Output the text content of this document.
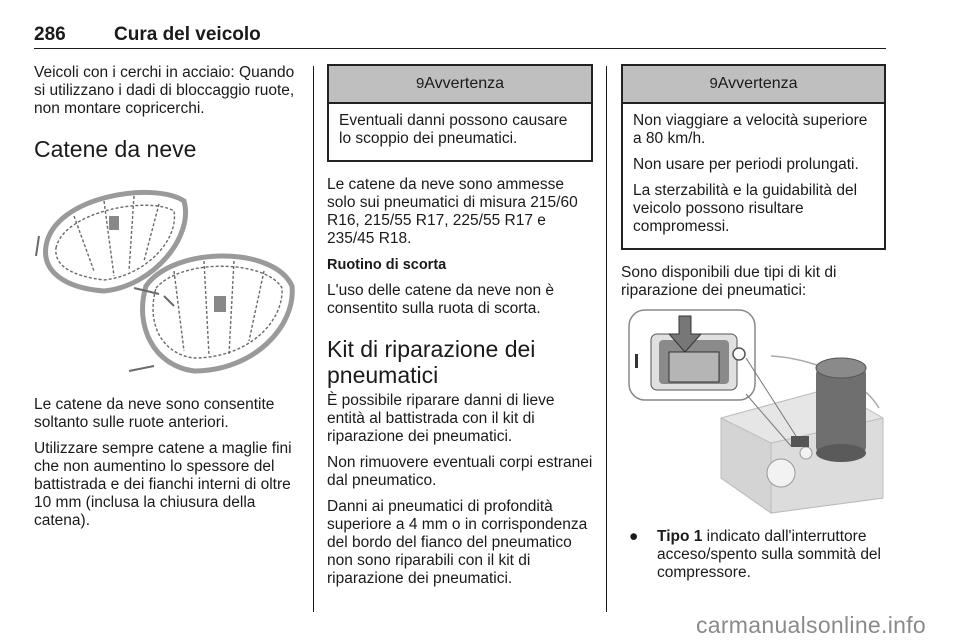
286	Cura del veicolo

Veicoli con i cerchi in acciaio: Quando si utilizzano i dadi di bloccaggio ruote, non montare copricerchi.

Catene da neve

Le catene da neve sono consentite soltanto sulle ruote anteriori.

Utilizzare sempre catene a maglie fini che non aumentino lo spessore del battistrada e dei fianchi interni di oltre 10 mm (inclusa la chiusura della catena).

9 Avvertenza

Eventuali danni possono causare lo scoppio dei pneumatici.

Le catene da neve sono ammesse solo sui pneumatici di misura 215/60 R16, 215/55 R17, 225/55 R17 e 235/45 R18.

Ruotino di scorta

L'uso delle catene da neve non è consentito sulla ruota di scorta.

Kit di riparazione dei pneumatici

È possibile riparare danni di lieve entità al battistrada con il kit di riparazione dei pneumatici.

Non rimuovere eventuali corpi estranei dal pneumatico.

Danni ai pneumatici di profondità superiore a 4 mm o in corrispondenza del bordo del fianco del pneumatico non sono riparabili con il kit di riparazione dei pneumatici.

9 Avvertenza

Non viaggiare a velocità superiore a 80 km/h.

Non usare per periodi prolungati.

La sterzabilità e la guidabilità del veicolo possono risultare compromessi.

Sono disponibili due tipi di kit di riparazione dei pneumatici:

●	Tipo 1 indicato dall'interruttore acceso/spento sulla sommità del compressore.
carmanualsonline.info
